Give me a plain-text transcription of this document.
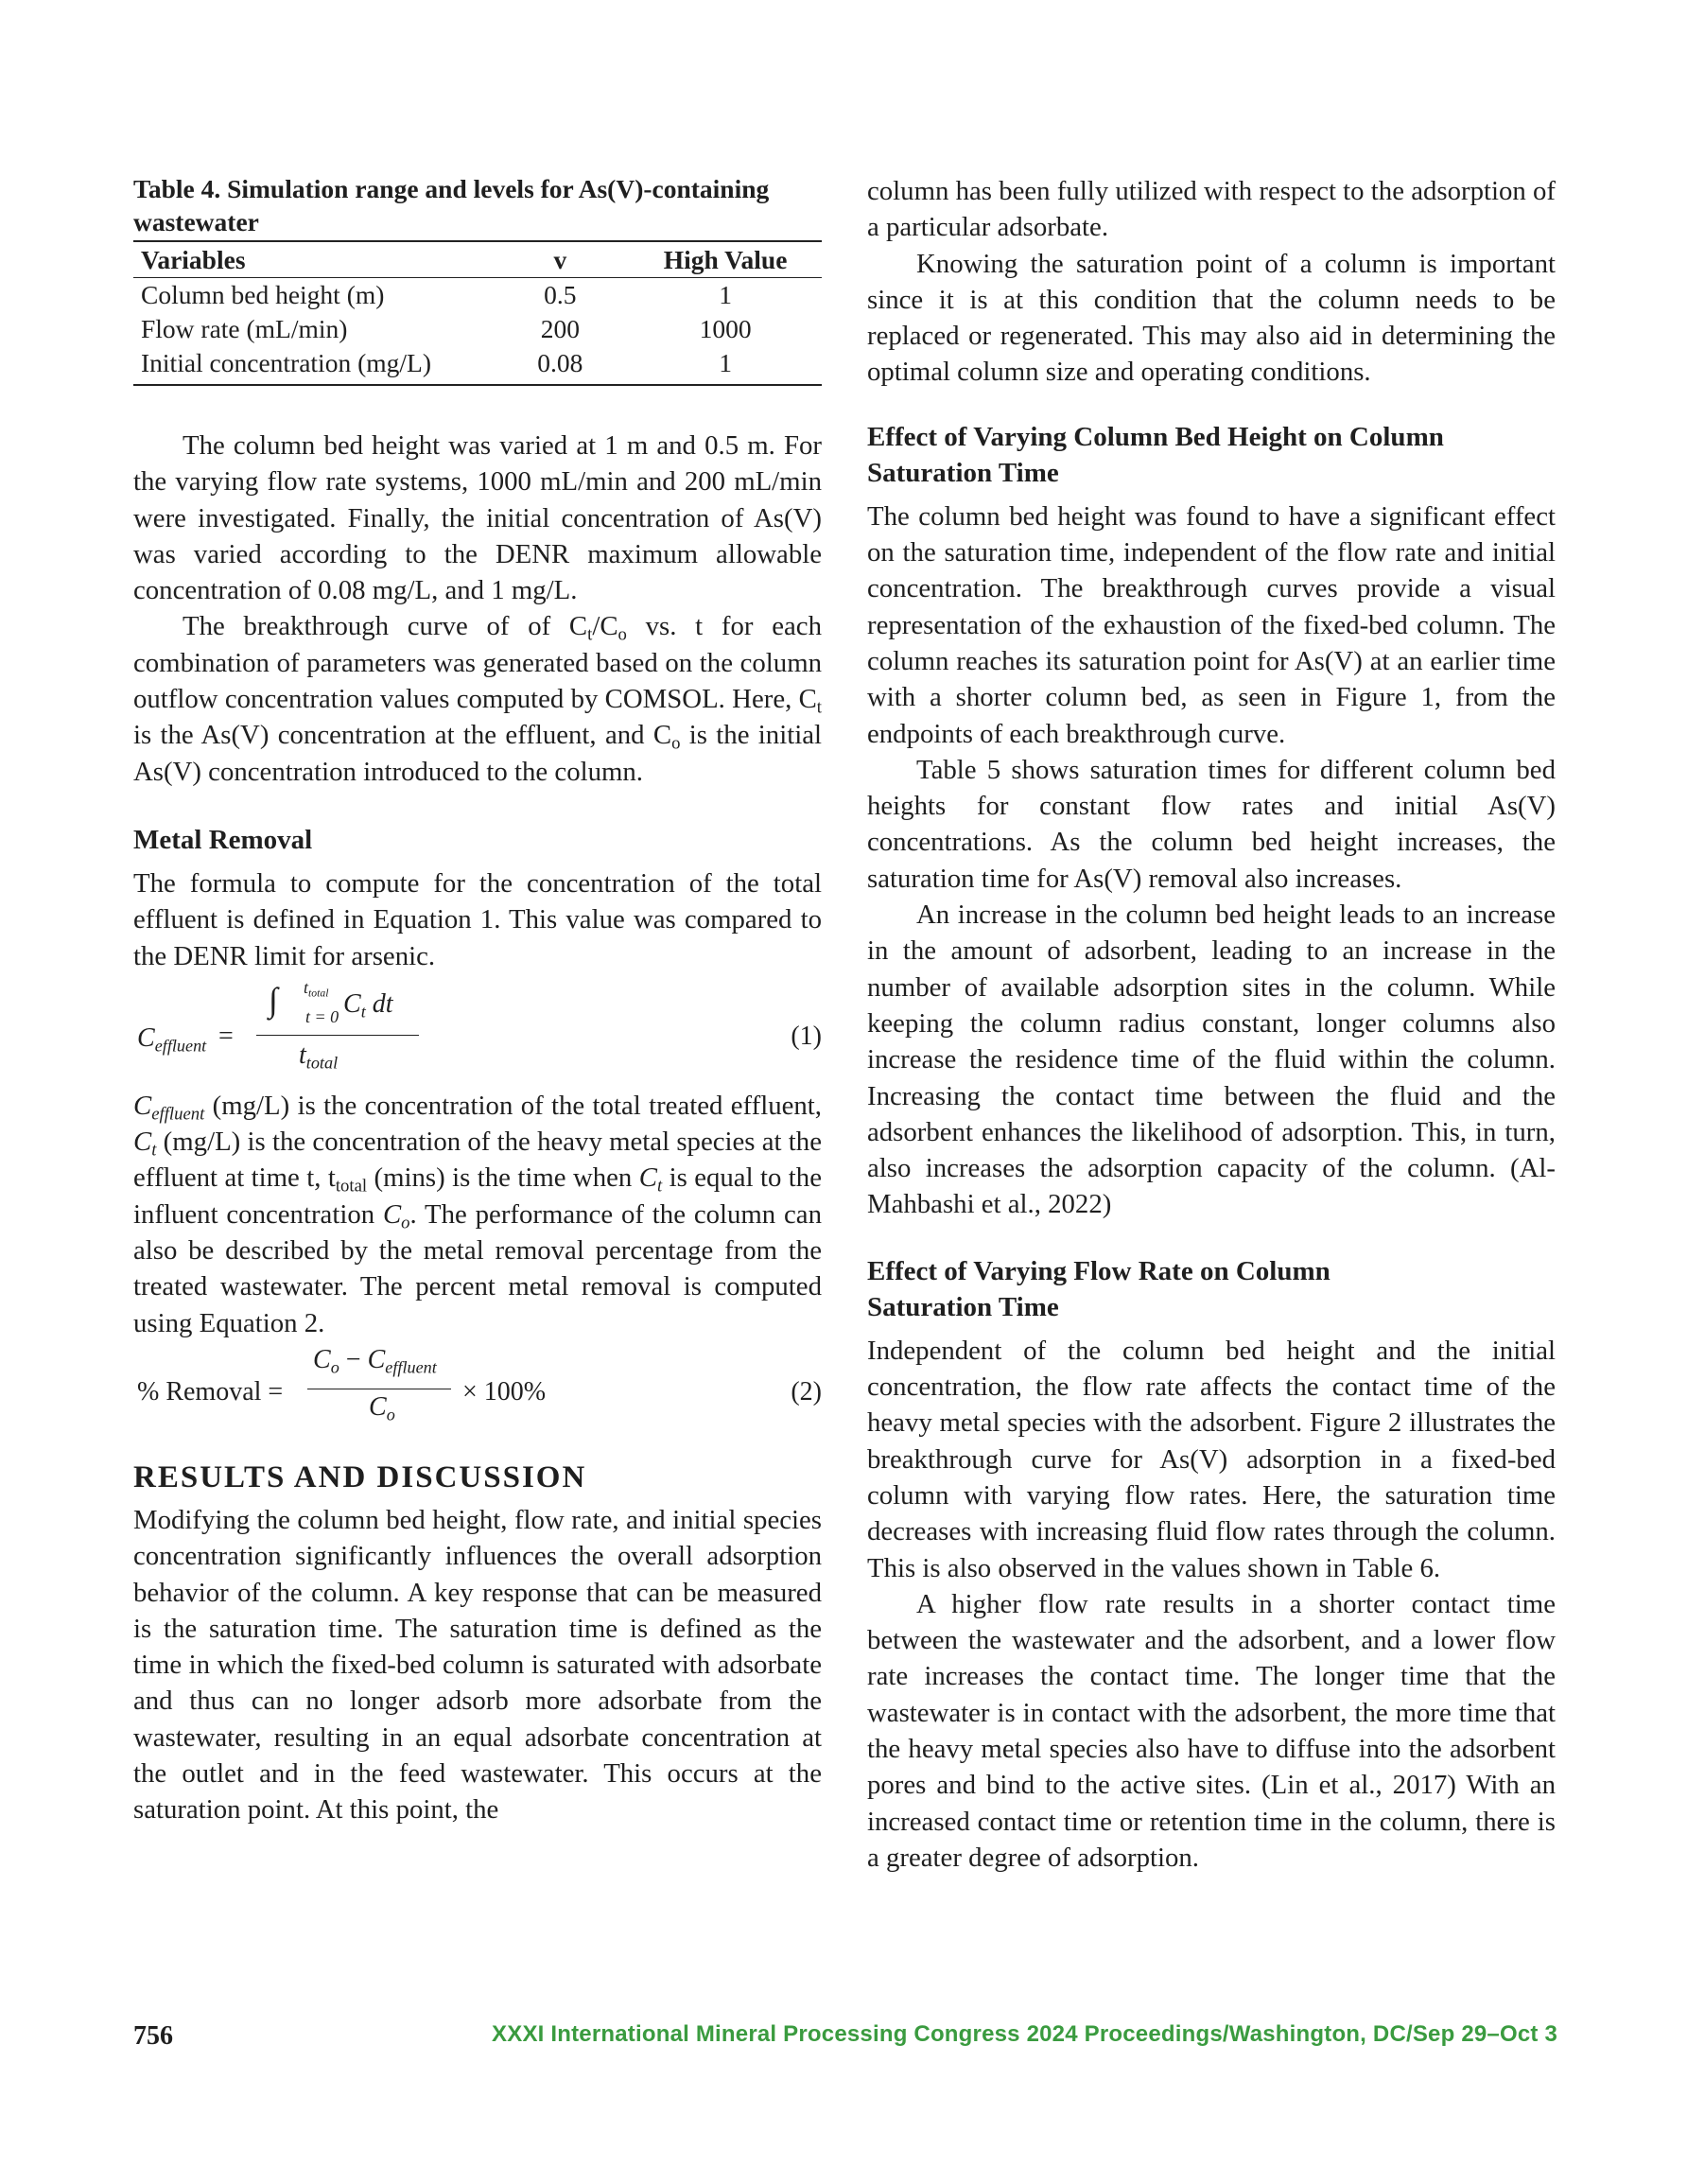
Table 4. Simulation range and levels for As(V)-containing wastewater
Variables	v	High Value
Column bed height (m)	0.5	1
Flow rate (mL/min)	200	1000
Initial concentration (mg/L)	0.08	1

The column bed height was varied at 1 m and 0.5 m. For the varying flow rate systems, 1000 mL/min and 200 mL/min were investigated. Finally, the initial concentration of As(V) was varied according to the DENR maximum allowable concentration of 0.08 mg/L, and 1 mg/L.

The breakthrough curve of of $C_t/C_o$ vs. t for each combination of parameters was generated based on the column outflow concentration values computed by COMSOL. Here, $C_t$ is the As(V) concentration at the effluent, and $C_o$ is the initial As(V) concentration introduced to the column.

Metal Removal

The formula to compute for the concentration of the total effluent is defined in Equation 1. This value was compared to the DENR limit for arsenic.

$C_{effluent}$ =
∫ $t_{total}$
t = 0 $C_t$ dt
$t_{total}$
(1)

$C_{effluent}$ (mg/L) is the concentration of the total treated effluent, $C_t$ (mg/L) is the concentration of the heavy metal species at the effluent at time t, $t_{total}$ (mins) is the time when $C_t$ is equal to the influent concentration $C_o$. The performance of the column can also be described by the metal removal percentage from the treated wastewater. The percent metal removal is computed using Equation 2.

% Removal =
$C_o - C_{effluent}$
$C_o$
× 100%	(2)
RESULTS AND DISCUSSION

Modifying the column bed height, flow rate, and initial species concentration significantly influences the overall adsorption behavior of the column. A key response that can be measured is the saturation time. The saturation time is defined as the time in which the fixed-bed column is saturated with adsorbate and thus can no longer adsorb more adsorbate from the wastewater, resulting in an equal adsorbate concentration at the outlet and in the feed wastewater. This occurs at the saturation point. At this point, the

column has been fully utilized with respect to the adsorption of a particular adsorbate.

Knowing the saturation point of a column is important since it is at this condition that the column needs to be replaced or regenerated. This may also aid in determining the optimal column size and operating conditions.

Effect of Varying Column Bed Height on Column Saturation Time

The column bed height was found to have a significant effect on the saturation time, independent of the flow rate and initial concentration. The breakthrough curves provide a visual representation of the exhaustion of the fixed-bed column. The column reaches its saturation point for As(V) at an earlier time with a shorter column bed, as seen in Figure 1, from the endpoints of each breakthrough curve.

Table 5 shows saturation times for different column bed heights for constant flow rates and initial As(V) concentrations. As the column bed height increases, the saturation time for As(V) removal also increases.

An increase in the column bed height leads to an increase in the amount of adsorbent, leading to an increase in the number of available adsorption sites in the column. While keeping the column radius constant, longer columns also increase the residence time of the fluid within the column. Increasing the contact time between the fluid and the adsorbent enhances the likelihood of adsorption. This, in turn, also increases the adsorption capacity of the column. (Al-Mahbashi et al., 2022)

Effect of Varying Flow Rate on Column Saturation Time

Independent of the column bed height and the initial concentration, the flow rate affects the contact time of the heavy metal species with the adsorbent. Figure 2 illustrates the breakthrough curve for As(V) adsorption in a fixed-bed column with varying flow rates. Here, the saturation time decreases with increasing fluid flow rates through the column. This is also observed in the values shown in Table 6.

A higher flow rate results in a shorter contact time between the wastewater and the adsorbent, and a lower flow rate increases the contact time. The longer time that the wastewater is in contact with the adsorbent, the more time that the heavy metal species also have to diffuse into the adsorbent pores and bind to the active sites. (Lin et al., 2017) With an increased contact time or retention time in the column, there is a greater degree of adsorption.

756	XXXI International Mineral Processing Congress 2024 Proceedings/Washington, DC/Sep 29–Oct 3
